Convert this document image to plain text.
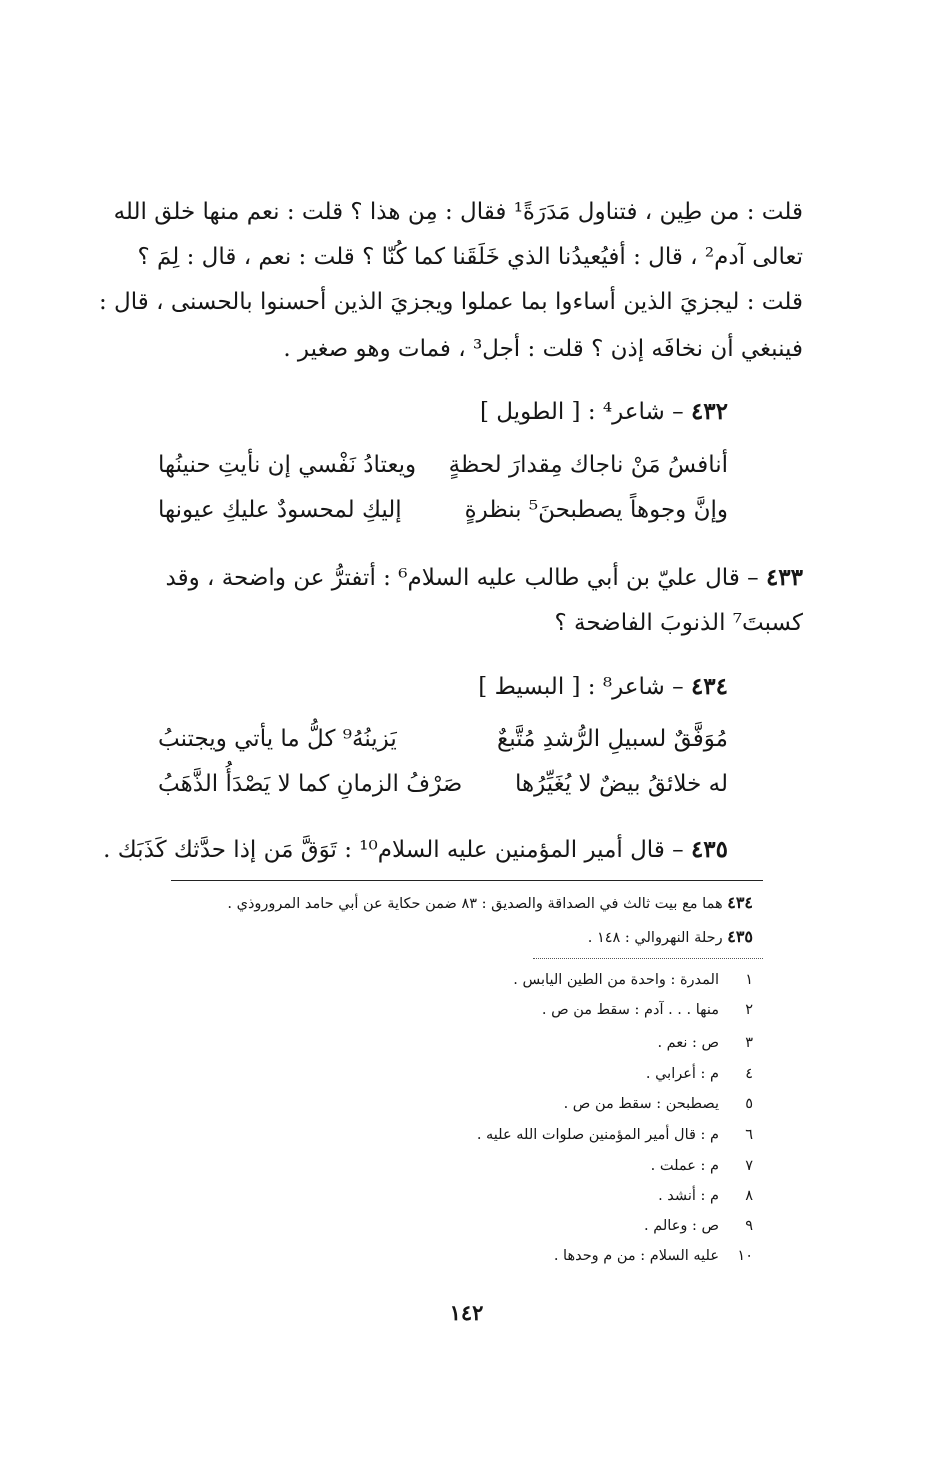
قلت : من طِين ، فتناول مَدَرَةً¹ فقال : مِن هذا ؟ قلت : نعم منها خلق الله
تعالى آدم² ، قال : أفيُعيدُنا الذي خَلَقَنا كما كُنّا ؟ قلت : نعم ، قال : لِمَ ؟
قلت : ليجزيَ الذين أساءوا بما عملوا ويجزيَ الذين أحسنوا بالحسنى ، قال :
فينبغي أن نخافَه إذن ؟ قلت : أجل³ ، فمات وهو صغير .
٤٣٢ – شاعر⁴ : [ الطويل ]
أنافسُ مَنْ ناجاك مِقدارَ لحظةٍ
ويعتادُ نَفْسي إن نأيتِ حنينُها
وإنَّ وجوهاً يصطبحنَ⁵ بنظرةٍ
إليكِ لمحسودٌ عليكِ عيونها
٤٣٣ – قال عليّ بن أبي طالب عليه السلام⁶ : أتفترُّ عن واضحة ، وقد
كسبتَ⁷ الذنوبَ الفاضحة ؟
٤٣٤ – شاعر⁸ : [ البسيط ]
مُوَفَّقٌ لسبيلِ الرُّشدِ مُتَّبعٌ
يَزينُهُ⁹ كلُّ ما يأتي ويجتنبُ
له خلائقُ بيضٌ لا يُغَيِّرُها
صَرْفُ الزمانِ كما لا يَصْدَأُ الذَّهَبُ
٤٣٥ – قال أمير المؤمنين عليه السلام¹⁰ : تَوَقَّ مَن إذا حدَّثك كَذَبَك .
٤٣٤ هما مع بيت ثالث في الصداقة والصديق : ٨٣ ضمن حكاية عن أبي حامد المروروذي .
٤٣٥ رحلة النهروالي : ١٤٨ .
١المدرة : واحدة من الطين اليابس .
٢منها . . . آدم : سقط من ص .
٣ص : نعم .
٤م : أعرابي .
٥يصطبحن : سقط من ص .
٦م : قال أمير المؤمنين صلوات الله عليه .
٧م : عملت .
٨م : أنشد .
٩ص : وعالم .
١٠عليه السلام : من م وحدها .
١٤٢
